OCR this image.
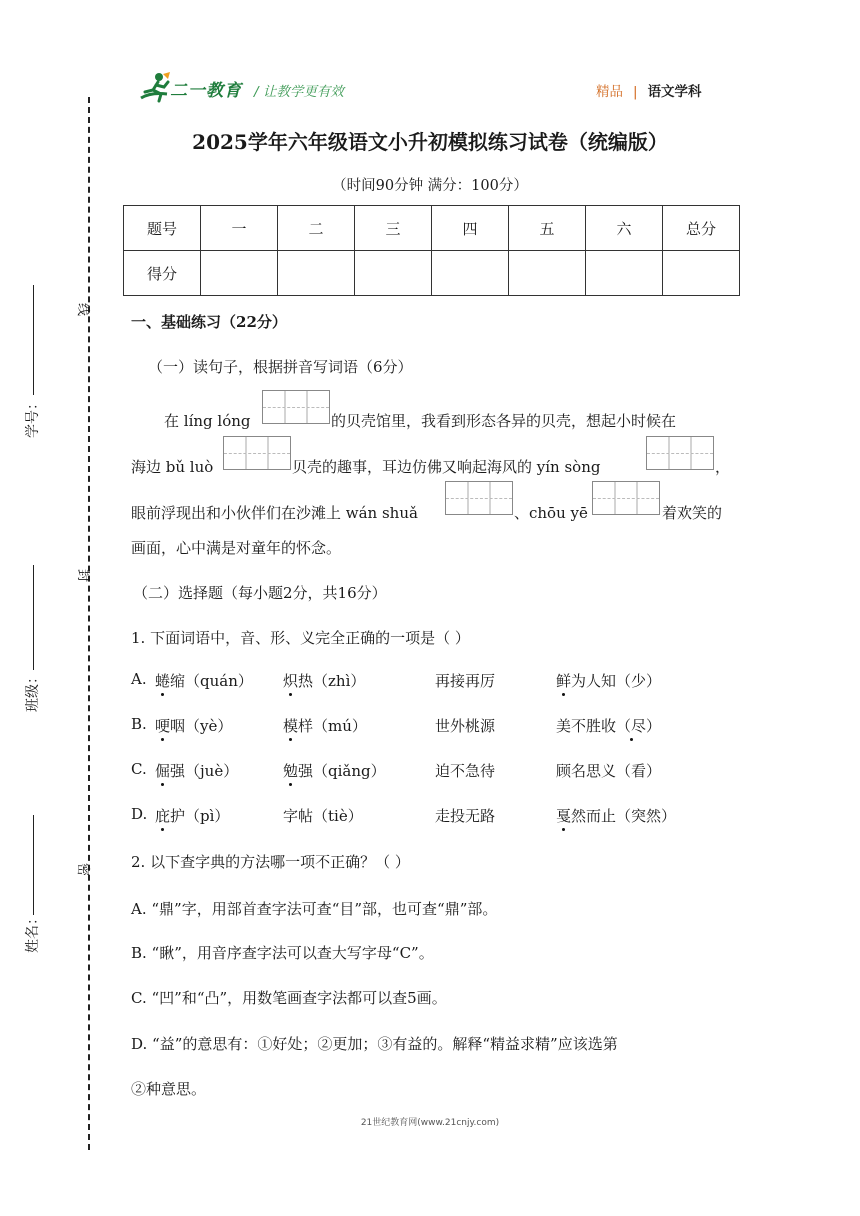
线
封
密
学号：
班级：
姓名：
二一教育 / 让教学更有效	精品 | 语文学科
2025学年六年级语文小升初模拟练习试卷（统编版）
（时间90分钟 满分：100分）
题号	一	二	三	四	五	六	总分
得分							
一、基础练习（22分）
（一）读句子，根据拼音写词语（6分）
在 líng lóng	的贝壳馆里，我看到形态各异的贝壳，想起小时候在
海边 bǔ luò	贝壳的趣事，耳边仿佛又响起海风的 yín sòng	，
眼前浮现出和小伙伴们在沙滩上 wán shuǎ	、chōu yē	着欢笑的
画面，心中满是对童年的怀念。
（二）选择题（每小题2分，共16分）
1. 下面词语中，音、形、义完全正确的一项是（ ）
A. 蜷缩（quán） 炽热（zhì）	再接再厉	鲜为人知（少）
B. 哽咽（yè）	模样（mú）	世外桃源	美不胜收（尽）
C. 倔强（juè）	勉强（qiǎng）	迫不急待	顾名思义（看）
D. 庇护（pì）	字帖（tiè）	走投无路	戛然而止（突然）
2. 以下查字典的方法哪一项不正确？（ ）
A. “鼎”字，用部首查字法可查“目”部，也可查“鼎”部。
B. “瞅”，用音序查字法可以查大写字母“C”。
C. “凹”和“凸”，用数笔画查字法都可以查5画。
D. “益”的意思有：①好处；②更加；③有益的。解释“精益求精”应该选第
②种意思。
21世纪教育网(www.21cnjy.com)
